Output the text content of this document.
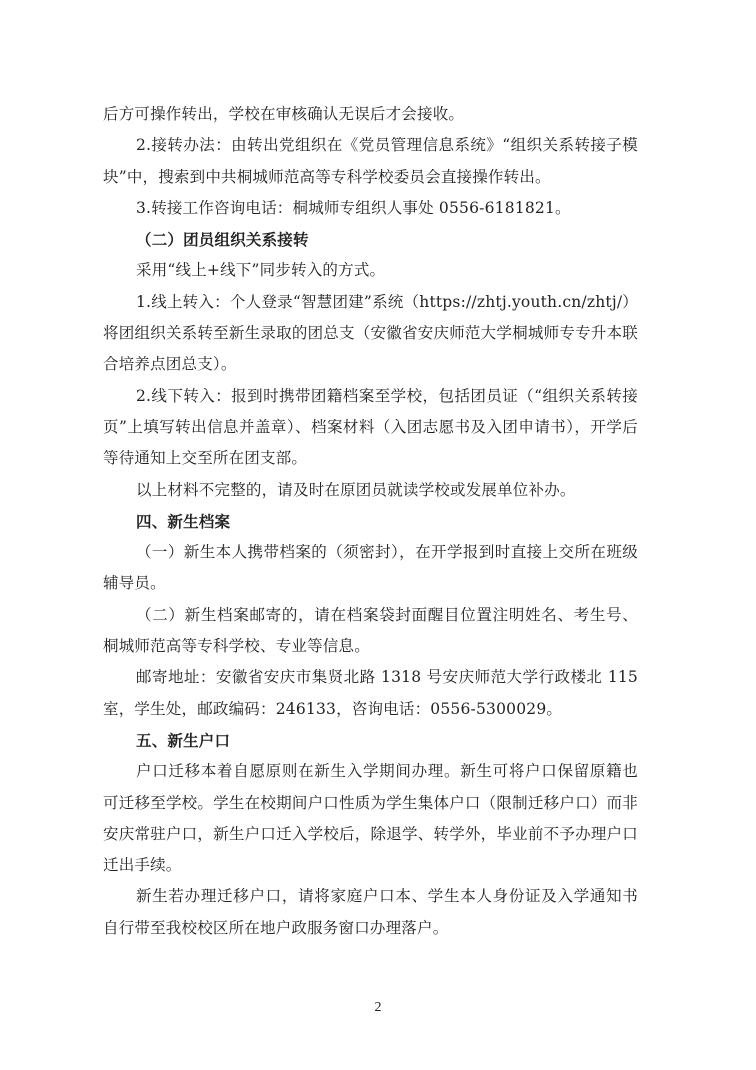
后方可操作转出，学校在审核确认无误后才会接收。

2.接转办法：由转出党组织在《党员管理信息系统》“组织关系转接子模块”中，搜索到中共桐城师范高等专科学校委员会直接操作转出。

3.转接工作咨询电话：桐城师专组织人事处 0556-6181821。

（二）团员组织关系接转

采用“线上+线下”同步转入的方式。

1.线上转入：个人登录“智慧团建”系统（https://zhtj.youth.cn/zhtj/）将团组织关系转至新生录取的团总支（安徽省安庆师范大学桐城师专专升本联合培养点团总支）。

2.线下转入：报到时携带团籍档案至学校，包括团员证（“组织关系转接页”上填写转出信息并盖章）、档案材料（入团志愿书及入团申请书），开学后等待通知上交至所在团支部。

以上材料不完整的，请及时在原团员就读学校或发展单位补办。

四、新生档案

（一）新生本人携带档案的（须密封），在开学报到时直接上交所在班级辅导员。

（二）新生档案邮寄的，请在档案袋封面醒目位置注明姓名、考生号、桐城师范高等专科学校、专业等信息。

邮寄地址：安徽省安庆市集贤北路 1318 号安庆师范大学行政楼北 115 室，学生处，邮政编码：246133，咨询电话：0556-5300029。

五、新生户口

户口迁移本着自愿原则在新生入学期间办理。新生可将户口保留原籍也可迁移至学校。学生在校期间户口性质为学生集体户口（限制迁移户口）而非安庆常驻户口，新生户口迁入学校后，除退学、转学外，毕业前不予办理户口迁出手续。

新生若办理迁移户口，请将家庭户口本、学生本人身份证及入学通知书自行带至我校校区所在地户政服务窗口办理落户。

2
